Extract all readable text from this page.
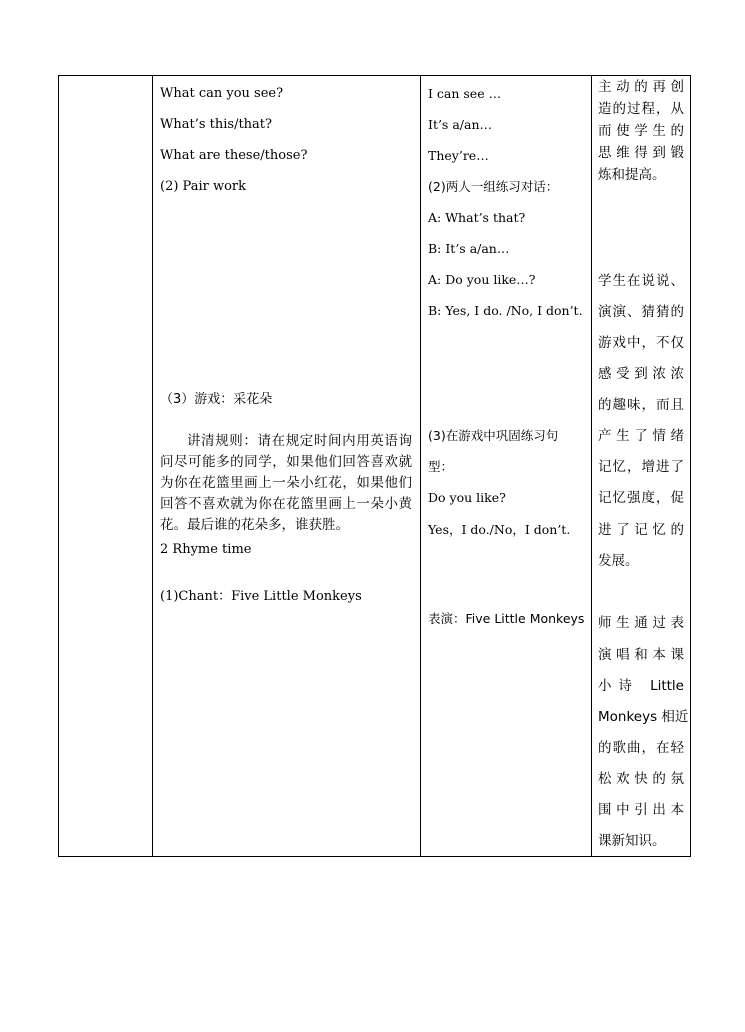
What can you see?
What’s this/that?
What are these/those?
(2) Pair work
（3）游戏：采花朵
讲清规则：请在规定时间内用英语询问尽可能多的同学，如果他们回答喜欢就为你在花篮里画上一朵小红花，如果他们回答不喜欢就为你在花篮里画上一朵小黄花。最后谁的花朵多，谁获胜。
2 Rhyme time
(1)Chant：Five Little Monkeys

I can see …
It’s a/an…
They’re…
(2)两人一组练习对话：
A: What’s that?
B: It’s a/an…
A: Do you like…?
B: Yes, I do. /No, I don’t.
(3)在游戏中巩固练习句
型：
Do you like?
Yes，I do./No，I don’t.
表演：Five Little Monkeys

主动的再创
造的过程，从
而使学生的
思维得到锻
炼和提高。
学生在说说、
演演、猜猜的
游戏中，不仅
感受到浓浓
的趣味，而且
产生了情绪
记忆，增进了
记忆强度，促
进了记忆的
发展。
师生通过表
演唱和本课
小诗 Little
Monkeys 相近
的歌曲，在轻
松欢快的氛
围中引出本
课新知识。
